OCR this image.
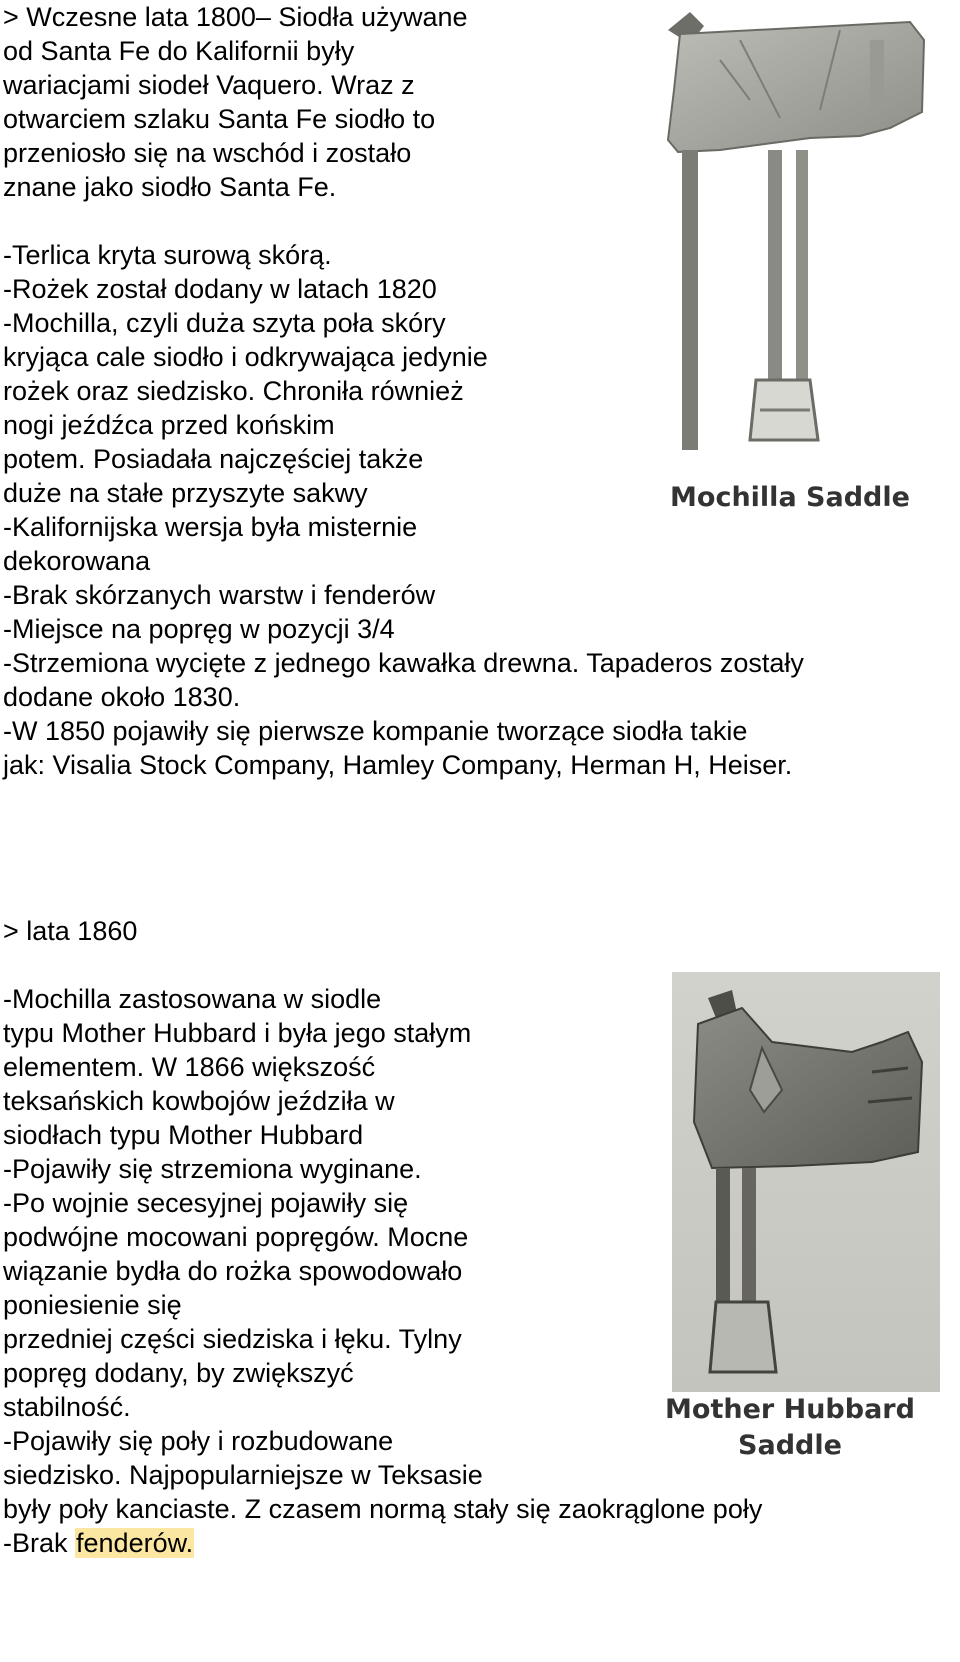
> Wczesne lata 1800– Siodła używane
od Santa Fe do Kalifornii były
wariacjami siodeł Vaquero. Wraz z
otwarciem szlaku Santa Fe siodło to
przeniosło się na wschód i zostało
znane jako siodło Santa Fe.
-Terlica kryta surową skórą.
-Rożek został dodany w latach 1820
-Mochilla, czyli duża szyta poła skóry
kryjąca cale siodło i odkrywająca jedynie
rożek oraz siedzisko. Chroniła również
nogi jeźdźca przed końskim
potem. Posiadała najczęściej także
duże na stałe przyszyte sakwy
-Kalifornijska wersja była misternie
dekorowana
-Brak skórzanych warstw i fenderów
-Miejsce na popręg w pozycji 3/4
-Strzemiona wycięte z jednego kawałka drewna. Tapaderos zostały
dodane około 1830.
-W 1850 pojawiły się pierwsze kompanie tworzące siodła takie
jak: Visalia Stock Company, Hamley Company, Herman H, Heiser.
Mochilla Saddle
> lata 1860
-Mochilla zastosowana w siodle
typu Mother Hubbard i była jego stałym
elementem. W 1866 większość
teksańskich kowbojów jeździła w
siodłach typu Mother Hubbard
-Pojawiły się strzemiona wyginane.
-Po wojnie secesyjnej pojawiły się
podwójne mocowani popręgów. Mocne
wiązanie bydła do rożka spowodowało
poniesienie się
przedniej części siedziska i łęku. Tylny
popręg dodany, by zwiększyć
stabilność.
-Pojawiły się poły i rozbudowane
siedzisko. Najpopularniejsze w Teksasie
były poły kanciaste. Z czasem normą stały się zaokrąglone poły
-Brak fenderów.
Mother Hubbard
Saddle
